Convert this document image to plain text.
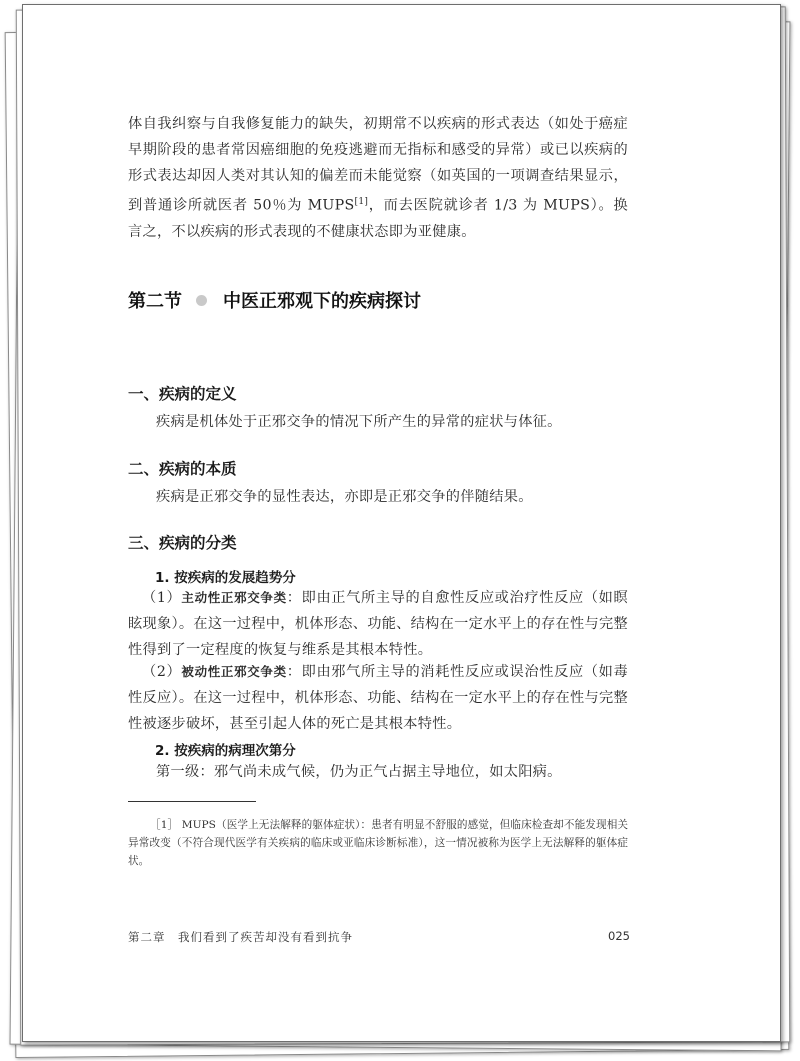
体自我纠察与自我修复能力的缺失，初期常不以疾病的形式表达（如处于癌症早期阶段的患者常因癌细胞的免疫逃避而无指标和感受的异常）或已以疾病的形式表达却因人类对其认知的偏差而未能觉察（如英国的一项调查结果显示，到普通诊所就医者 50％为 MUPS[1]，而去医院就诊者 1/3 为 MUPS）。换言之，不以疾病的形式表现的不健康状态即为亚健康。

第二节 中医正邪观下的疾病探讨
一、疾病的定义

疾病是机体处于正邪交争的情况下所产生的异常的症状与体征。

二、疾病的本质

疾病是正邪交争的显性表达，亦即是正邪交争的伴随结果。

三、疾病的分类
1. 按疾病的发展趋势分

（1）主动性正邪交争类：即由正气所主导的自愈性反应或治疗性反应（如瞑眩现象）。在这一过程中，机体形态、功能、结构在一定水平上的存在性与完整性得到了一定程度的恢复与维系是其根本特性。

（2）被动性正邪交争类：即由邪气所主导的消耗性反应或误治性反应（如毒性反应）。在这一过程中，机体形态、功能、结构在一定水平上的存在性与完整性被逐步破坏，甚至引起人体的死亡是其根本特性。

2. 按疾病的病理次第分

第一级：邪气尚未成气候，仍为正气占据主导地位，如太阳病。

［1］ MUPS（医学上无法解释的躯体症状）：患者有明显不舒服的感觉，但临床检查却不能发现相关异常改变（不符合现代医学有关疾病的临床或亚临床诊断标准），这一情况被称为医学上无法解释的躯体症状。
第二章　我们看到了疾苦却没有看到抗争	025
